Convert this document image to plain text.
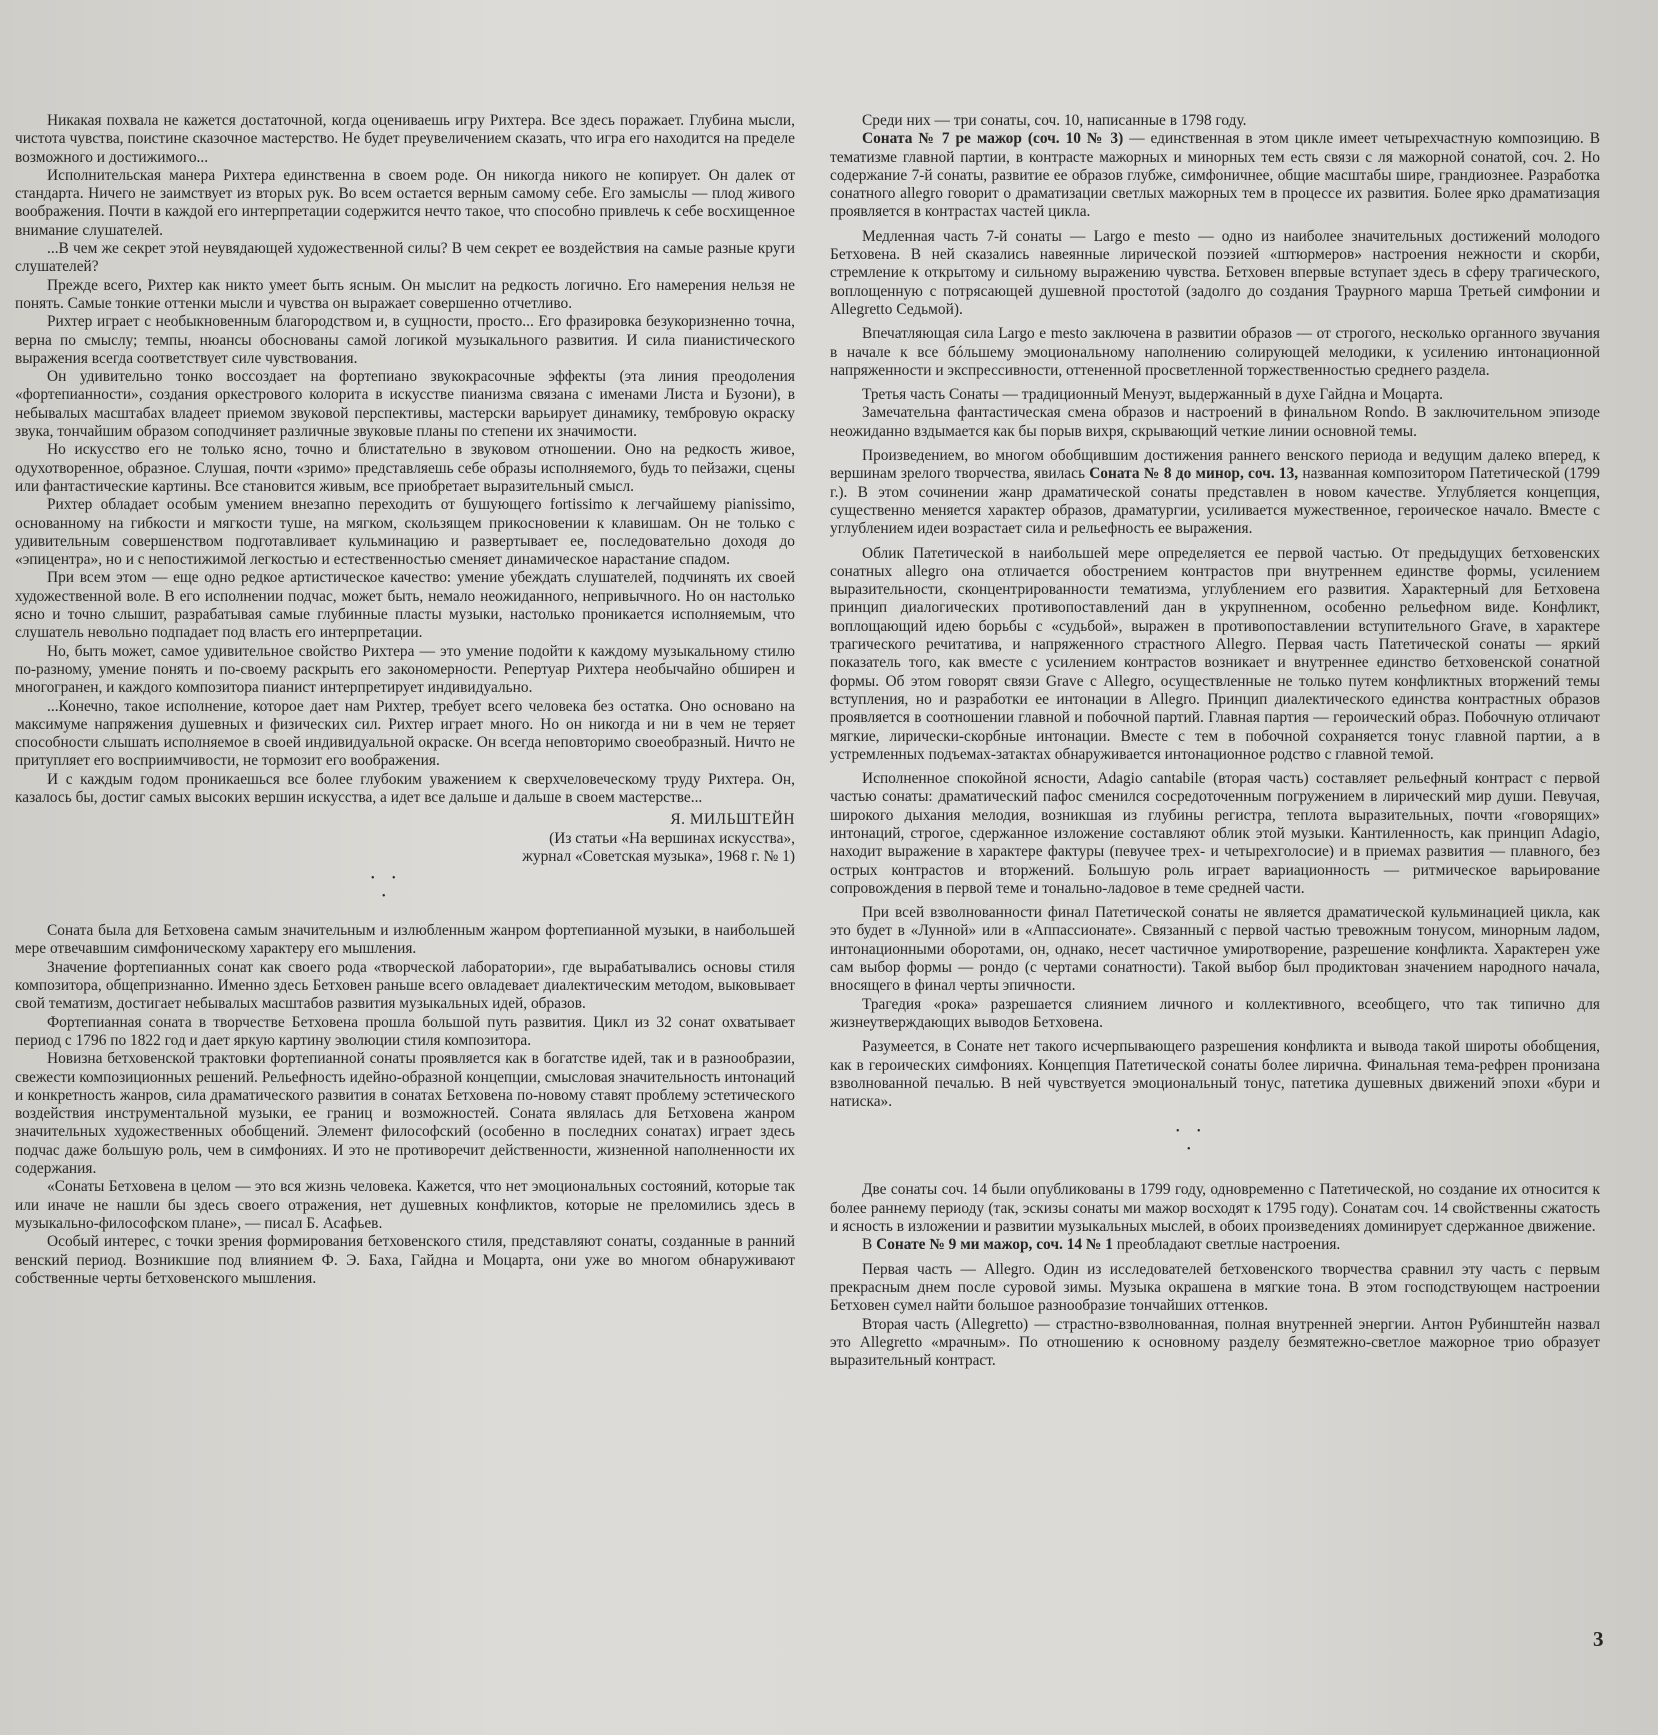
Никакая похвала не кажется достаточной, когда оцениваешь игру Рихтера. Все здесь поражает. Глубина мысли, чистота чувства, поистине сказочное мастерство. Не будет преувеличением сказать, что игра его находится на пределе возможного и достижимого...

Исполнительская манера Рихтера единственна в своем роде. Он никогда никого не копирует. Он далек от стандарта. Ничего не заимствует из вторых рук. Во всем остается верным самому себе. Его замыслы — плод живого воображения. Почти в каждой его интерпретации содержится нечто такое, что способно привлечь к себе восхищенное внимание слушателей.

...В чем же секрет этой неувядающей художественной силы? В чем секрет ее воздействия на самые разные круги слушателей?

Прежде всего, Рихтер как никто умеет быть ясным. Он мыслит на редкость логично. Его намерения нельзя не понять. Самые тонкие оттенки мысли и чувства он выражает совершенно отчетливо.

Рихтер играет с необыкновенным благородством и, в сущности, просто... Его фразировка безукоризненно точна, верна по смыслу; темпы, нюансы обоснованы самой логикой музыкального развития. И сила пианистического выражения всегда соответствует силе чувствования.

Он удивительно тонко воссоздает на фортепиано звукокрасочные эффекты (эта линия преодоления «фортепианности», создания оркестрового колорита в искусстве пианизма связана с именами Листа и Бузони), в небывалых масштабах владеет приемом звуковой перспективы, мастерски варьирует динамику, тембровую окраску звука, тончайшим образом соподчиняет различные звуковые планы по степени их значимости.

Но искусство его не только ясно, точно и блистательно в звуковом отношении. Оно на редкость живое, одухотворенное, образное. Слушая, почти «зримо» представляешь себе образы исполняемого, будь то пейзажи, сцены или фантастические картины. Все становится живым, все приобретает выразительный смысл.

Рихтер обладает особым умением внезапно переходить от бушующего fortissimo к легчайшему pianissimo, основанному на гибкости и мягкости туше, на мягком, скользящем прикосновении к клавишам. Он не только с удивительным совершенством подготавливает кульминацию и развертывает ее, последовательно доходя до «эпицентра», но и с непостижимой легкостью и естественностью сменяет динамическое нарастание спадом.

При всем этом — еще одно редкое артистическое качество: умение убеждать слушателей, подчинять их своей художественной воле. В его исполнении подчас, может быть, немало неожиданного, непривычного. Но он настолько ясно и точно слышит, разрабатывая самые глубинные пласты музыки, настолько проникается исполняемым, что слушатель невольно подпадает под власть его интерпретации.

Но, быть может, самое удивительное свойство Рихтера — это умение подойти к каждому музыкальному стилю по-разному, умение понять и по-своему раскрыть его закономерности. Репертуар Рихтера необычайно обширен и многогранен, и каждого композитора пианист интерпретирует индивидуально.

...Конечно, такое исполнение, которое дает нам Рихтер, требует всего человека без остатка. Оно основано на максимуме напряжения душевных и физических сил. Рихтер играет много. Но он никогда и ни в чем не теряет способности слышать исполняемое в своей индивидуальной окраске. Он всегда неповторимо своеобразный. Ничто не притупляет его восприимчивости, не тормозит его воображения.

И с каждым годом проникаешься все более глубоким уважением к сверхчеловеческому труду Рихтера. Он, казалось бы, достиг самых высоких вершин искусства, а идет все дальше и дальше в своем мастерстве...

Я. МИЛЬШТЕЙН
(Из статьи «На вершинах искусства»,
журнал «Советская музыка», 1968 г. № 1)
• •
•

Соната была для Бетховена самым значительным и излюбленным жанром фортепианной музыки, в наибольшей мере отвечавшим симфоническому характеру его мышления.

Значение фортепианных сонат как своего рода «творческой лаборатории», где вырабатывались основы стиля композитора, общепризнанно. Именно здесь Бетховен раньше всего овладевает диалектическим методом, выковывает свой тематизм, достигает небывалых масштабов развития музыкальных идей, образов.

Фортепианная соната в творчестве Бетховена прошла большой путь развития. Цикл из 32 сонат охватывает период с 1796 по 1822 год и дает яркую картину эволюции стиля композитора.

Новизна бетховенской трактовки фортепианной сонаты проявляется как в богатстве идей, так и в разнообразии, свежести композиционных решений. Рельефность идейно-образной концепции, смысловая значительность интонаций и конкретность жанров, сила драматического развития в сонатах Бетховена по-новому ставят проблему эстетического воздействия инструментальной музыки, ее границ и возможностей. Соната являлась для Бетховена жанром значительных художественных обобщений. Элемент философский (особенно в последних сонатах) играет здесь подчас даже большую роль, чем в симфониях. И это не противоречит действенности, жизненной наполненности их содержания.

«Сонаты Бетховена в целом — это вся жизнь человека. Кажется, что нет эмоциональных состояний, которые так или иначе не нашли бы здесь своего отражения, нет душевных конфликтов, которые не преломились здесь в музыкально-философском плане», — писал Б. Асафьев.

Особый интерес, с точки зрения формирования бетховенского стиля, представляют сонаты, созданные в ранний венский период. Возникшие под влиянием Ф. Э. Баха, Гайдна и Моцарта, они уже во многом обнаруживают собственные черты бетховенского мышления.

Среди них — три сонаты, соч. 10, написанные в 1798 году.

Соната № 7 ре мажор (соч. 10 № 3) — единственная в этом цикле имеет четырехчастную композицию. В тематизме главной партии, в контрасте мажорных и минорных тем есть связи с ля мажорной сонатой, соч. 2. Но содержание 7-й сонаты, развитие ее образов глубже, симфоничнее, общие масштабы шире, грандиознее. Разработка сонатного allegro говорит о драматизации светлых мажорных тем в процессе их развития. Более ярко драматизация проявляется в контрастах частей цикла.

Медленная часть 7-й сонаты — Largo e mesto — одно из наиболее значительных достижений молодого Бетховена. В ней сказались навеянные лирической поэзией «штюрмеров» настроения нежности и скорби, стремление к открытому и сильному выражению чувства. Бетховен впервые вступает здесь в сферу трагического, воплощенную с потрясающей душевной простотой (задолго до создания Траурного марша Третьей симфонии и Allegretto Седьмой).

Впечатляющая сила Largo e mesto заключена в развитии образов — от строгого, несколько органного звучания в начале к все бóльшему эмоциональному наполнению солирующей мелодики, к усилению интонационной напряженности и экспрессивности, оттененной просветленной торжественностью среднего раздела.

Третья часть Сонаты — традиционный Менуэт, выдержанный в духе Гайдна и Моцарта.

Замечательна фантастическая смена образов и настроений в финальном Rondo. В заключительном эпизоде неожиданно вздымается как бы порыв вихря, скрывающий четкие линии основной темы.

Произведением, во многом обобщившим достижения раннего венского периода и ведущим далеко вперед, к вершинам зрелого творчества, явилась Соната № 8 до минор, соч. 13, названная композитором Патетической (1799 г.). В этом сочинении жанр драматической сонаты представлен в новом качестве. Углубляется концепция, существенно меняется характер образов, драматургии, усиливается мужественное, героическое начало. Вместе с углублением идеи возрастает сила и рельефность ее выражения.

Облик Патетической в наибольшей мере определяется ее первой частью. От предыдущих бетховенских сонатных allegro она отличается обострением контрастов при внутреннем единстве формы, усилением выразительности, сконцентрированности тематизма, углублением его развития. Характерный для Бетховена принцип диалогических противопоставлений дан в укрупненном, особенно рельефном виде. Конфликт, воплощающий идею борьбы с «судьбой», выражен в противопоставлении вступительного Grave, в характере трагического речитатива, и напряженного страстного Allegro. Первая часть Патетической сонаты — яркий показатель того, как вместе с усилением контрастов возникает и внутреннее единство бетховенской сонатной формы. Об этом говорят связи Grave с Allegro, осуществленные не только путем конфликтных вторжений темы вступления, но и разработки ее интонации в Allegro. Принцип диалектического единства контрастных образов проявляется в соотношении главной и побочной партий. Главная партия — героический образ. Побочную отличают мягкие, лирически-скорбные интонации. Вместе с тем в побочной сохраняется тонус главной партии, а в устремленных подъемах-затактах обнаруживается интонационное родство с главной темой.

Исполненное спокойной ясности, Adagio cantabile (вторая часть) составляет рельефный контраст с первой частью сонаты: драматический пафос сменился сосредоточенным погружением в лирический мир души. Певучая, широкого дыхания мелодия, возникшая из глубины регистра, теплота выразительных, почти «говорящих» интонаций, строгое, сдержанное изложение составляют облик этой музыки. Кантиленность, как принцип Adagio, находит выражение в характере фактуры (певучее трех- и четырехголосие) и в приемах развития — плавного, без острых контрастов и вторжений. Большую роль играет вариационность — ритмическое варьирование сопровождения в первой теме и тонально-ладовое в теме средней части.

При всей взволнованности финал Патетической сонаты не является драматической кульминацией цикла, как это будет в «Лунной» или в «Аппассионате». Связанный с первой частью тревожным тонусом, минорным ладом, интонационными оборотами, он, однако, несет частичное умиротворение, разрешение конфликта. Характерен уже сам выбор формы — рондо (с чертами сонатности). Такой выбор был продиктован значением народного начала, вносящего в финал черты эпичности.

Трагедия «рока» разрешается слиянием личного и коллективного, всеобщего, что так типично для жизнеутверждающих выводов Бетховена.

Разумеется, в Сонате нет такого исчерпывающего разрешения конфликта и вывода такой широты обобщения, как в героических симфониях. Концепция Патетической сонаты более лирична. Финальная тема-рефрен пронизана взволнованной печалью. В ней чувствуется эмоциональный тонус, патетика душевных движений эпохи «бури и натиска».

• •
•

Две сонаты соч. 14 были опубликованы в 1799 году, одновременно с Патетической, но создание их относится к более раннему периоду (так, эскизы сонаты ми мажор восходят к 1795 году). Сонатам соч. 14 свойственны сжатость и ясность в изложении и развитии музыкальных мыслей, в обоих произведениях доминирует сдержанное движение.

В Сонате № 9 ми мажор, соч. 14 № 1 преобладают светлые настроения.

Первая часть — Allegro. Один из исследователей бетховенского творчества сравнил эту часть с первым прекрасным днем после суровой зимы. Музыка окрашена в мягкие тона. В этом господствующем настроении Бетховен сумел найти большое разнообразие тончайших оттенков.

Вторая часть (Allegretto) — страстно-взволнованная, полная внутренней энергии. Антон Рубинштейн назвал это Allegretto «мрачным». По отношению к основному разделу безмятежно-светлое мажорное трио образует выразительный контраст.

3
